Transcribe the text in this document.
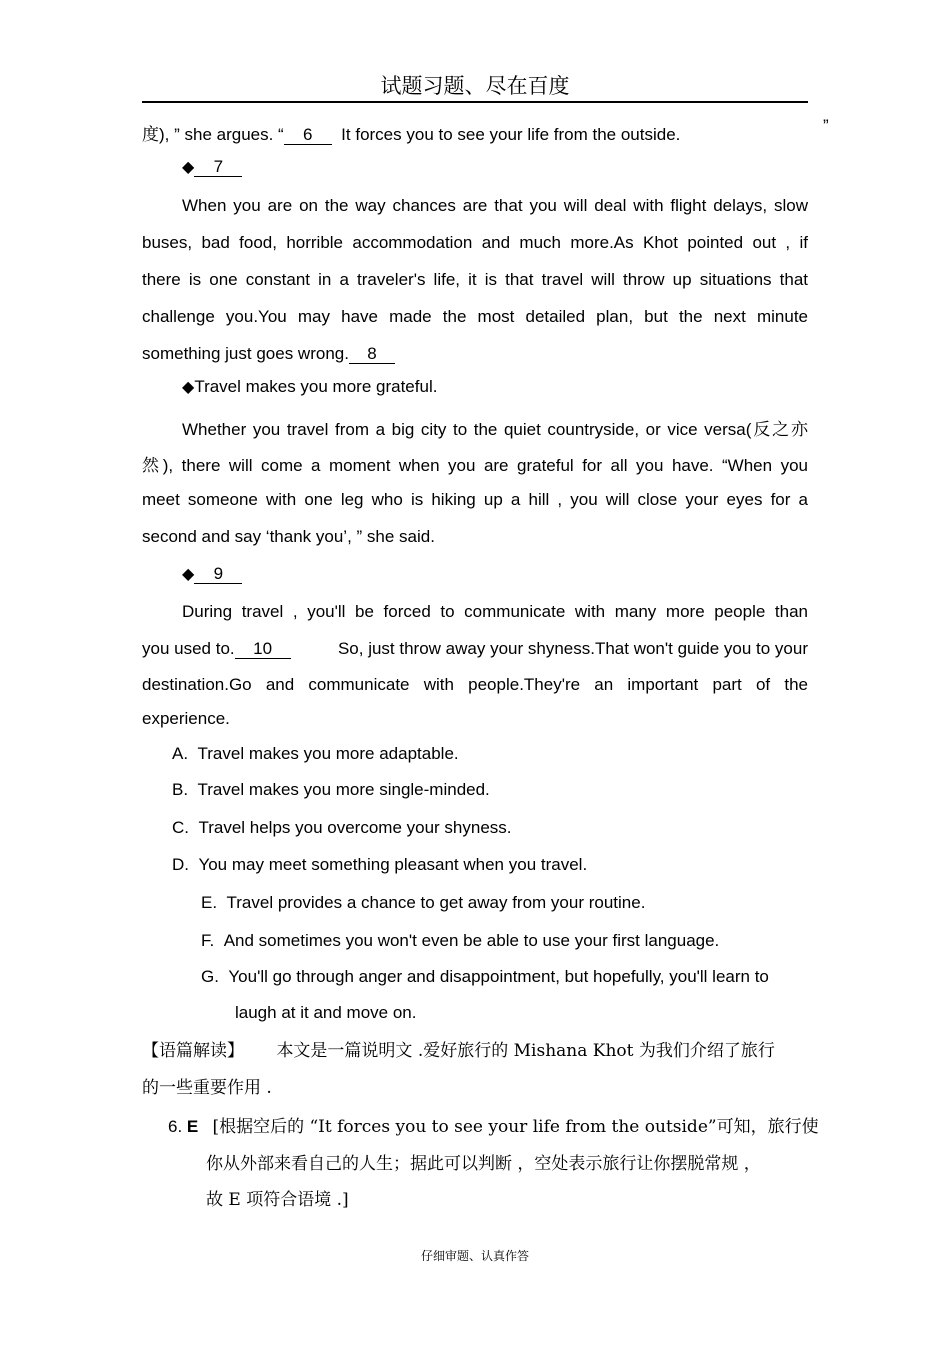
试题习题、尽在百度
度), ” she argues. “ 6 It forces you to see your life from the outside.	”
◆ 7
When you are on the way chances are that you will deal with flight delays, slow
buses, bad food, horrible accommodation and much more.As Khot pointed out , if
there is one constant in a traveler's life, it is that travel will throw up situations that
challenge you.You may have made the most detailed plan, but the next minute
something just goes wrong. 8
◆Travel makes you more grateful.
Whether you travel from a big city to the quiet countryside, or vice versa(反之亦
然), there will come a moment when you are grateful for all you have. “When you
meet someone with one leg who is hiking up a hill , you will close your eyes for a
second and say ‘thank you’, ” she said.
◆ 9
During travel , you'll be forced to communicate with many more people than
you used to. 10	So, just throw away your shyness.That won't guide you to your
destination.Go and communicate with people.They're an important part of the
experience.
A. Travel makes you more adaptable.
B. Travel makes you more single-minded.
C. Travel helps you overcome your shyness.
D. You may meet something pleasant when you travel.
E. Travel provides a chance to get away from your routine.
F. And sometimes you won't even be able to use your first language.
G. You'll go through anger and disappointment, but hopefully, you'll learn to
laugh at it and move on.
【语篇解读】 本文是一篇说明文 .爱好旅行的 Mishana Khot 为我们介绍了旅行
的一些重要作用 .
6. E [根据空后的 “It forces you to see your life from the outside”可知，旅行使
你从外部来看自己的人生；据此可以判断 ，空处表示旅行让你摆脱常规 ，
故 E 项符合语境 .]
仔细审题、认真作答
